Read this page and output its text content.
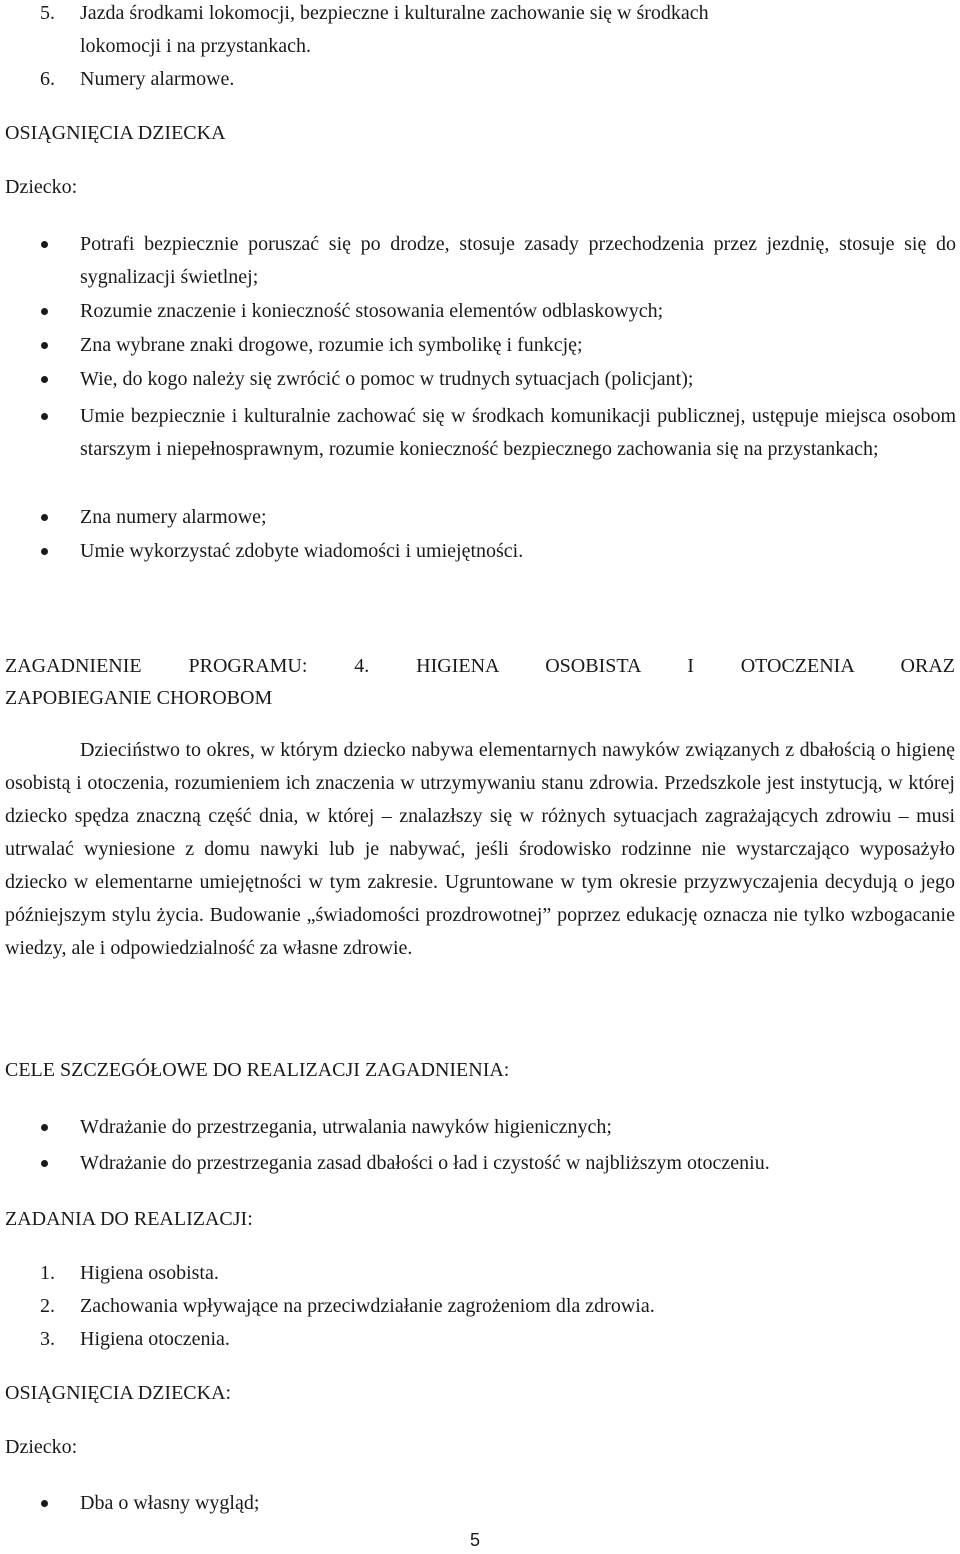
5. Jazda środkami lokomocji, bezpieczne i kulturalne zachowanie się w środkach
lokomocji i na przystankach.
6. Numery alarmowe.
OSIĄGNIĘCIA DZIECKA
Dziecko:
Potrafi bezpiecznie poruszać się po drodze, stosuje zasady przechodzenia przez jezdnię, stosuje się do sygnalizacji świetlnej;
Rozumie znaczenie i konieczność stosowania elementów odblaskowych;
Zna wybrane znaki drogowe, rozumie ich symbolikę i funkcję;
Wie, do kogo należy się zwrócić o pomoc w trudnych sytuacjach (policjant);
Umie bezpiecznie i kulturalnie zachować się w środkach komunikacji publicznej, ustępuje miejsca osobom starszym i niepełnosprawnym, rozumie konieczność bezpiecznego zachowania się na przystankach;
Zna numery alarmowe;
Umie wykorzystać zdobyte wiadomości i umiejętności.
ZAGADNIENIE PROGRAMU: 4. HIGIENA OSOBISTA I OTOCZENIA ORAZ
ZAPOBIEGANIE CHOROBOM
Dzieciństwo to okres, w którym dziecko nabywa elementarnych nawyków związanych z dbałością o higienę osobistą i otoczenia, rozumieniem ich znaczenia w utrzymywaniu stanu zdrowia. Przedszkole jest instytucją, w której dziecko spędza znaczną część dnia, w której – znalazłszy się w różnych sytuacjach zagrażających zdrowiu – musi utrwalać wyniesione z domu nawyki lub je nabywać, jeśli środowisko rodzinne nie wystarczająco wyposażyło dziecko w elementarne umiejętności w tym zakresie. Ugruntowane w tym okresie przyzwyczajenia decydują o jego późniejszym stylu życia. Budowanie „świadomości prozdrowotnej” poprzez edukację oznacza nie tylko wzbogacanie wiedzy, ale i odpowiedzialność za własne zdrowie.
CELE SZCZEGÓŁOWE DO REALIZACJI ZAGADNIENIA:
Wdrażanie do przestrzegania, utrwalania nawyków higienicznych;
Wdrażanie do przestrzegania zasad dbałości o ład i czystość w najbliższym otoczeniu.
ZADANIA DO REALIZACJI:
1. Higiena osobista.
2. Zachowania wpływające na przeciwdziałanie zagrożeniom dla zdrowia.
3. Higiena otoczenia.
OSIĄGNIĘCIA DZIECKA:
Dziecko:
Dba o własny wygląd;
5
